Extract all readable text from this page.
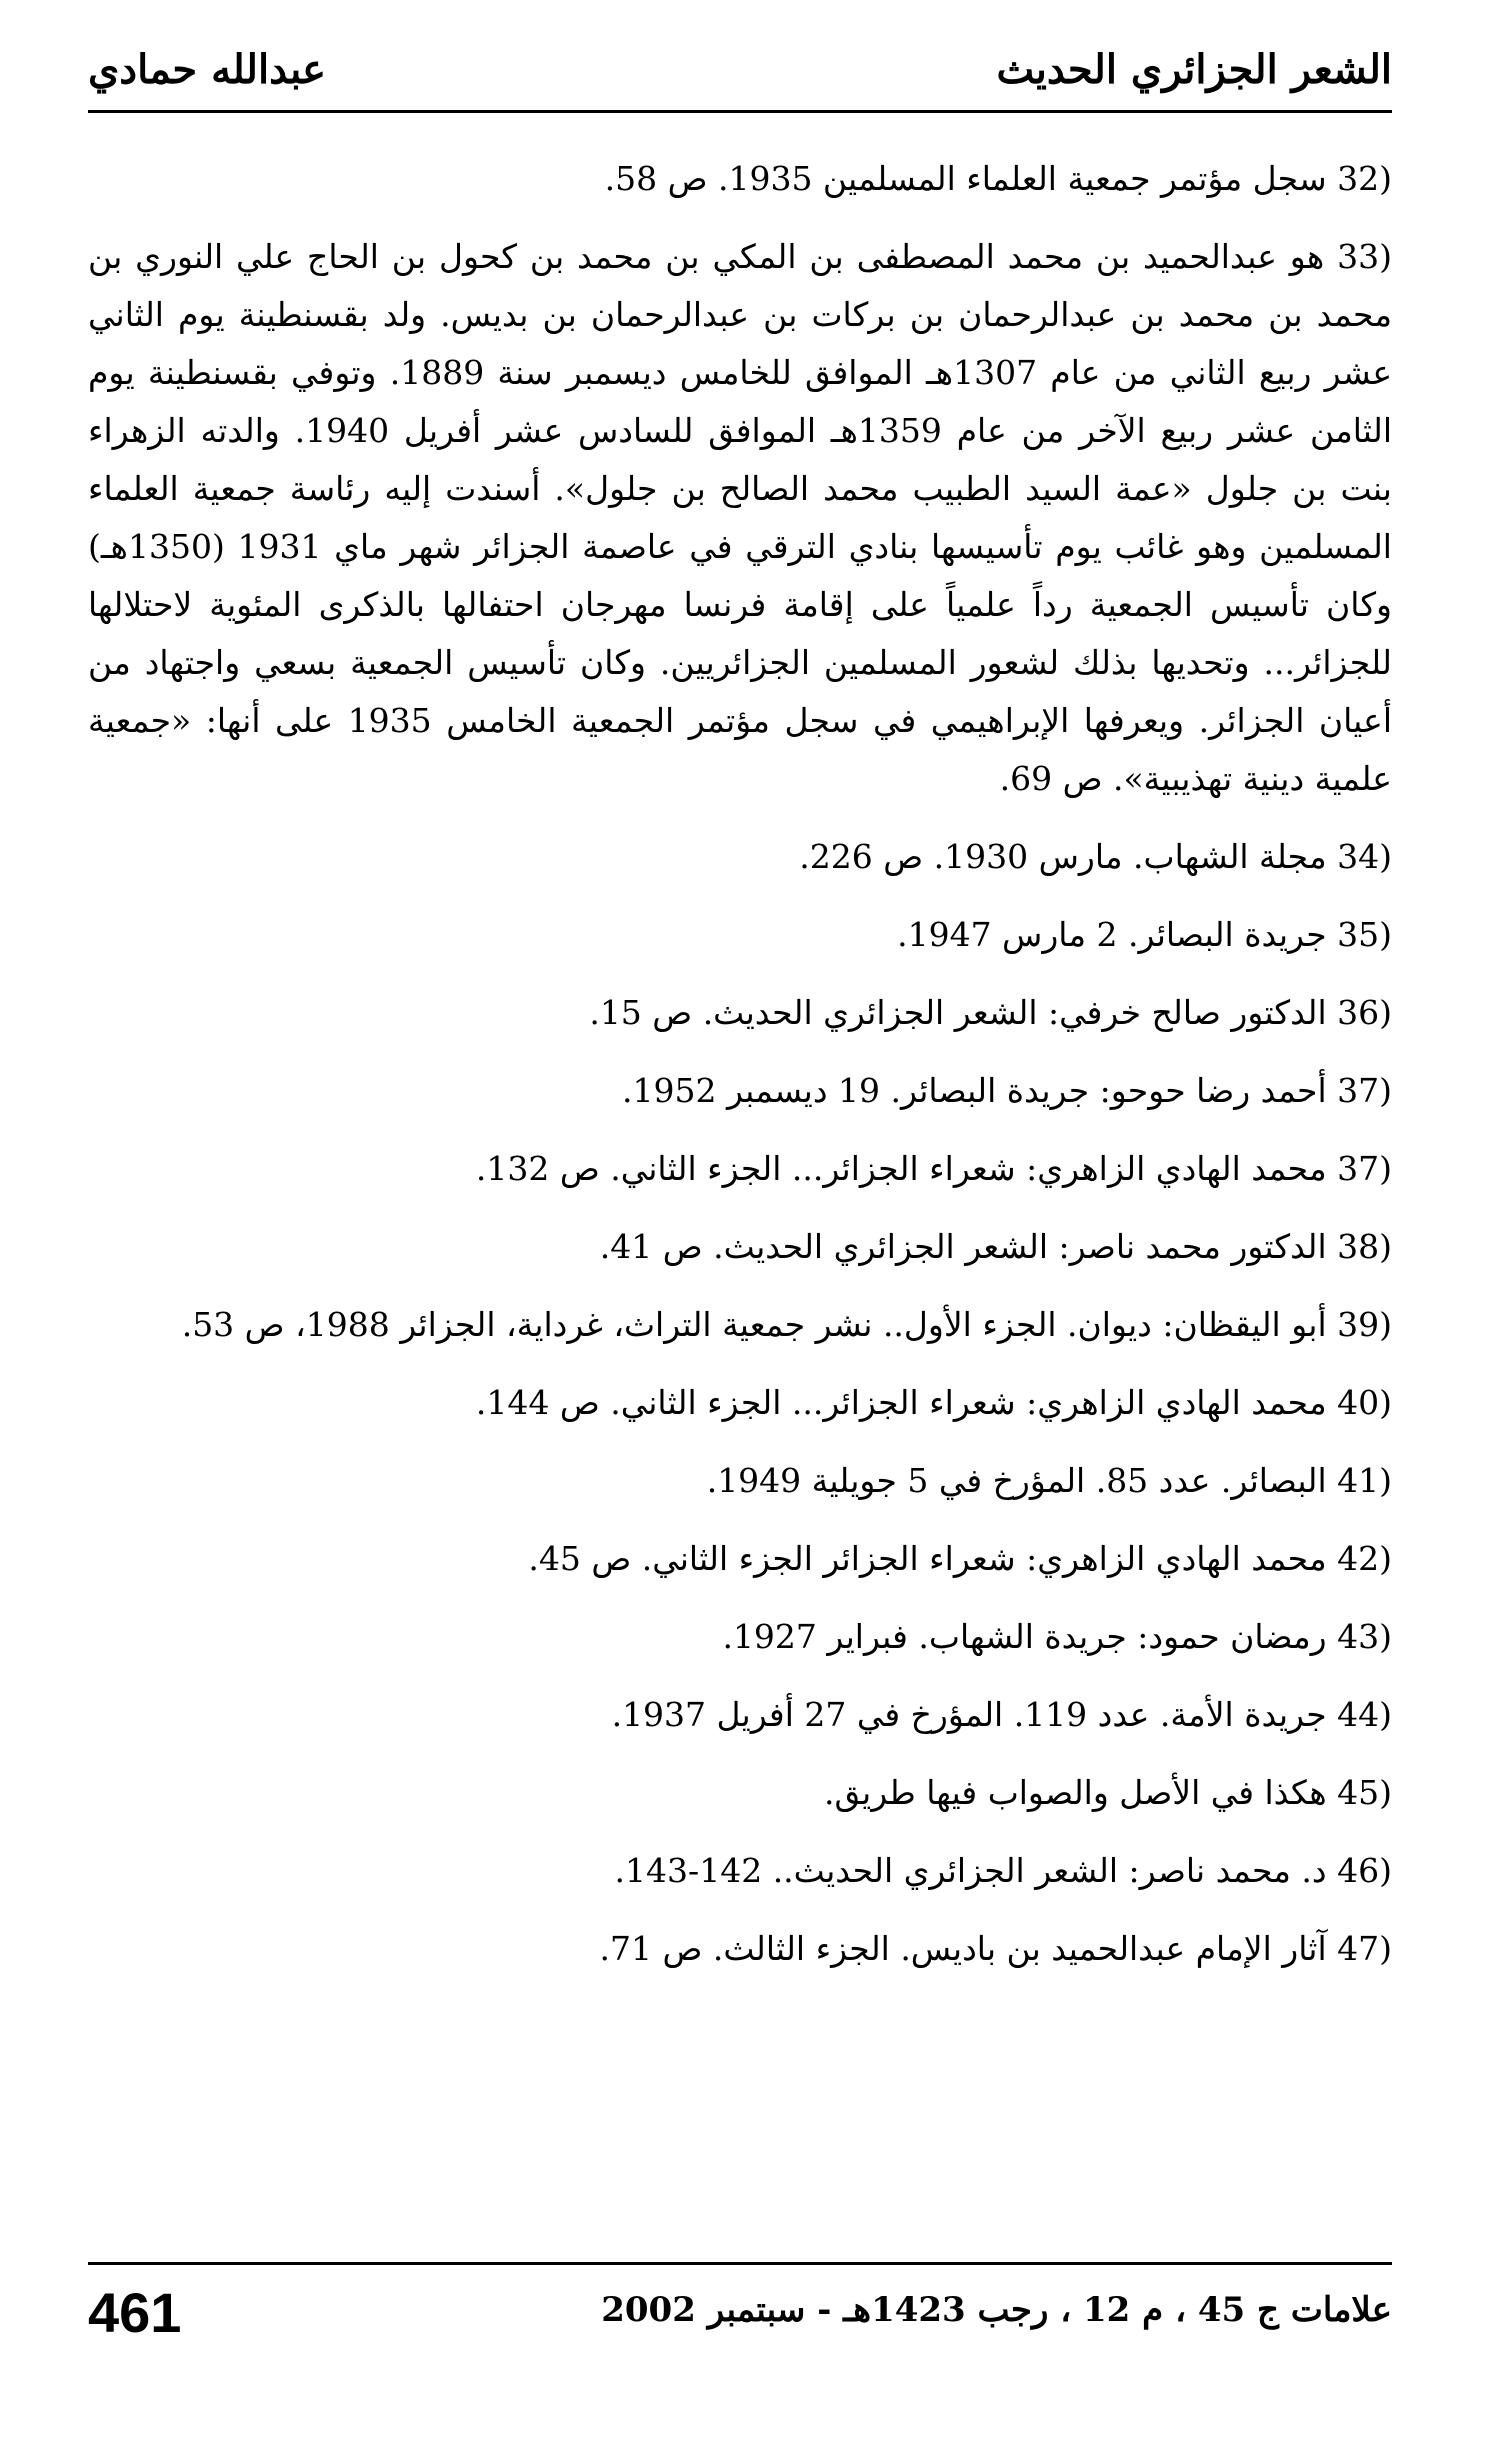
الشعر الجزائري الحديث
عبدالله حمادي
32) سجل مؤتمر جمعية العلماء المسلمين 1935. ص 58.
33) هو عبدالحميد بن محمد المصطفى بن المكي بن محمد بن كحول بن الحاج علي النوري بن محمد بن محمد بن عبدالرحمان بن بركات بن عبدالرحمان بن بديس. ولد بقسنطينة يوم الثاني عشر ربيع الثاني من عام 1307هـ الموافق للخامس ديسمبر سنة 1889. وتوفي بقسنطينة يوم الثامن عشر ربيع الآخر من عام 1359هـ الموافق للسادس عشر أفريل 1940. والدته الزهراء بنت بن جلول «عمة السيد الطبيب محمد الصالح بن جلول». أسندت إليه رئاسة جمعية العلماء المسلمين وهو غائب يوم تأسيسها بنادي الترقي في عاصمة الجزائر شهر ماي 1931 (1350هـ) وكان تأسيس الجمعية رداً علمياً على إقامة فرنسا مهرجان احتفالها بالذكرى المئوية لاحتلالها للجزائر... وتحديها بذلك لشعور المسلمين الجزائريين. وكان تأسيس الجمعية بسعي واجتهاد من أعيان الجزائر. ويعرفها الإبراهيمي في سجل مؤتمر الجمعية الخامس 1935 على أنها: «جمعية علمية دينية تهذيبية». ص 69.
34) مجلة الشهاب. مارس 1930. ص 226.
35) جريدة البصائر. 2 مارس 1947.
36) الدكتور صالح خرفي: الشعر الجزائري الحديث. ص 15.
37) أحمد رضا حوحو: جريدة البصائر. 19 ديسمبر 1952.
37) محمد الهادي الزاهري: شعراء الجزائر... الجزء الثاني. ص 132.
38) الدكتور محمد ناصر: الشعر الجزائري الحديث. ص 41.
39) أبو اليقظان: ديوان. الجزء الأول.. نشر جمعية التراث، غرداية، الجزائر 1988، ص 53.
40) محمد الهادي الزاهري: شعراء الجزائر... الجزء الثاني. ص 144.
41) البصائر. عدد 85. المؤرخ في 5 جويلية 1949.
42) محمد الهادي الزاهري: شعراء الجزائر الجزء الثاني. ص 45.
43) رمضان حمود: جريدة الشهاب. فبراير 1927.
44) جريدة الأمة. عدد 119. المؤرخ في 27 أفريل 1937.
45) هكذا في الأصل والصواب فيها طريق.
46) د. محمد ناصر: الشعر الجزائري الحديث.. 142-143.
47) آثار الإمام عبدالحميد بن باديس. الجزء الثالث. ص 71.
علامات ج 45 ، م 12 ، رجب 1423هـ - سبتمبر 2002
461
